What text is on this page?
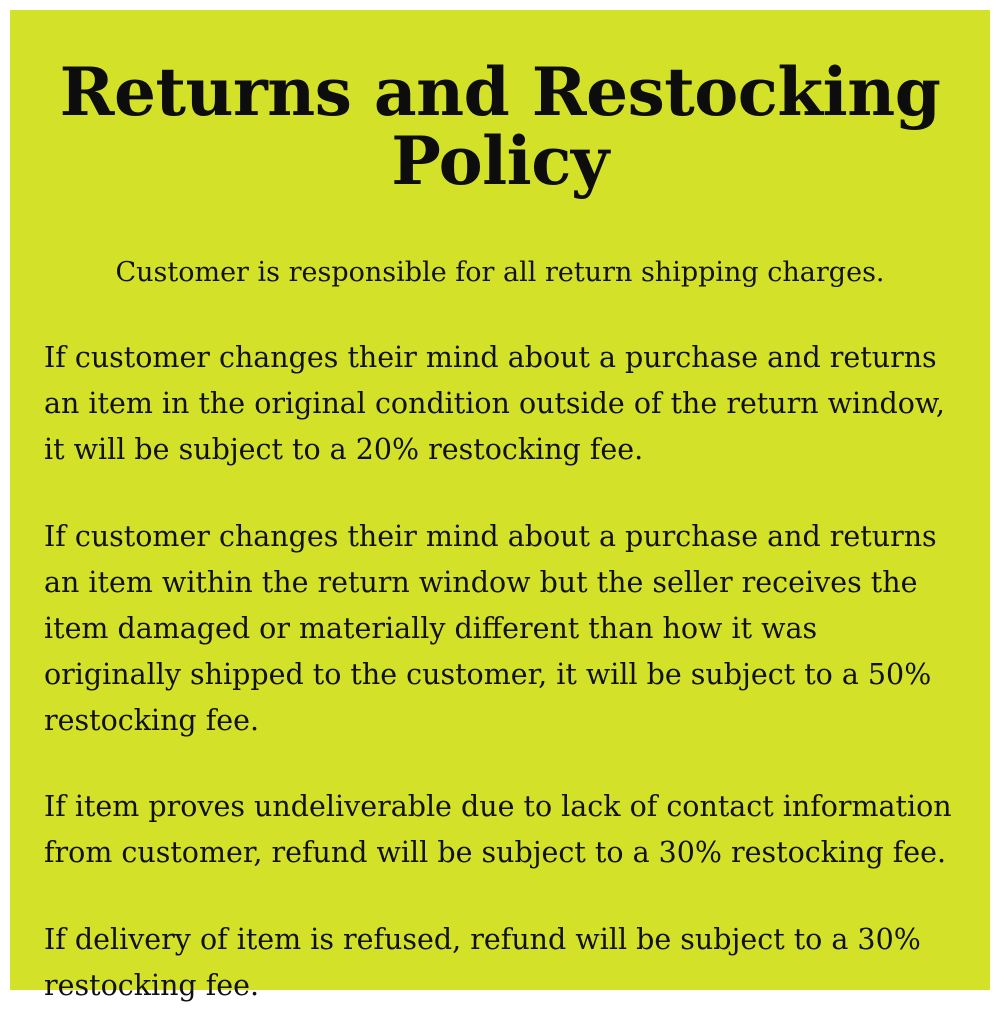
Returns and Restocking Policy

Customer is responsible for all return shipping charges.

If customer changes their mind about a purchase and returns an item in the original condition outside of the return window, it will be subject to a 20% restocking fee.

If customer changes their mind about a purchase and returns an item within the return window but the seller receives the item damaged or materially different than how it was originally shipped to the customer, it will be subject to a 50% restocking fee.

If item proves undeliverable due to lack of contact information from customer, refund will be subject to a 30% restocking fee.

If delivery of item is refused, refund will be subject to a 30% restocking fee.
